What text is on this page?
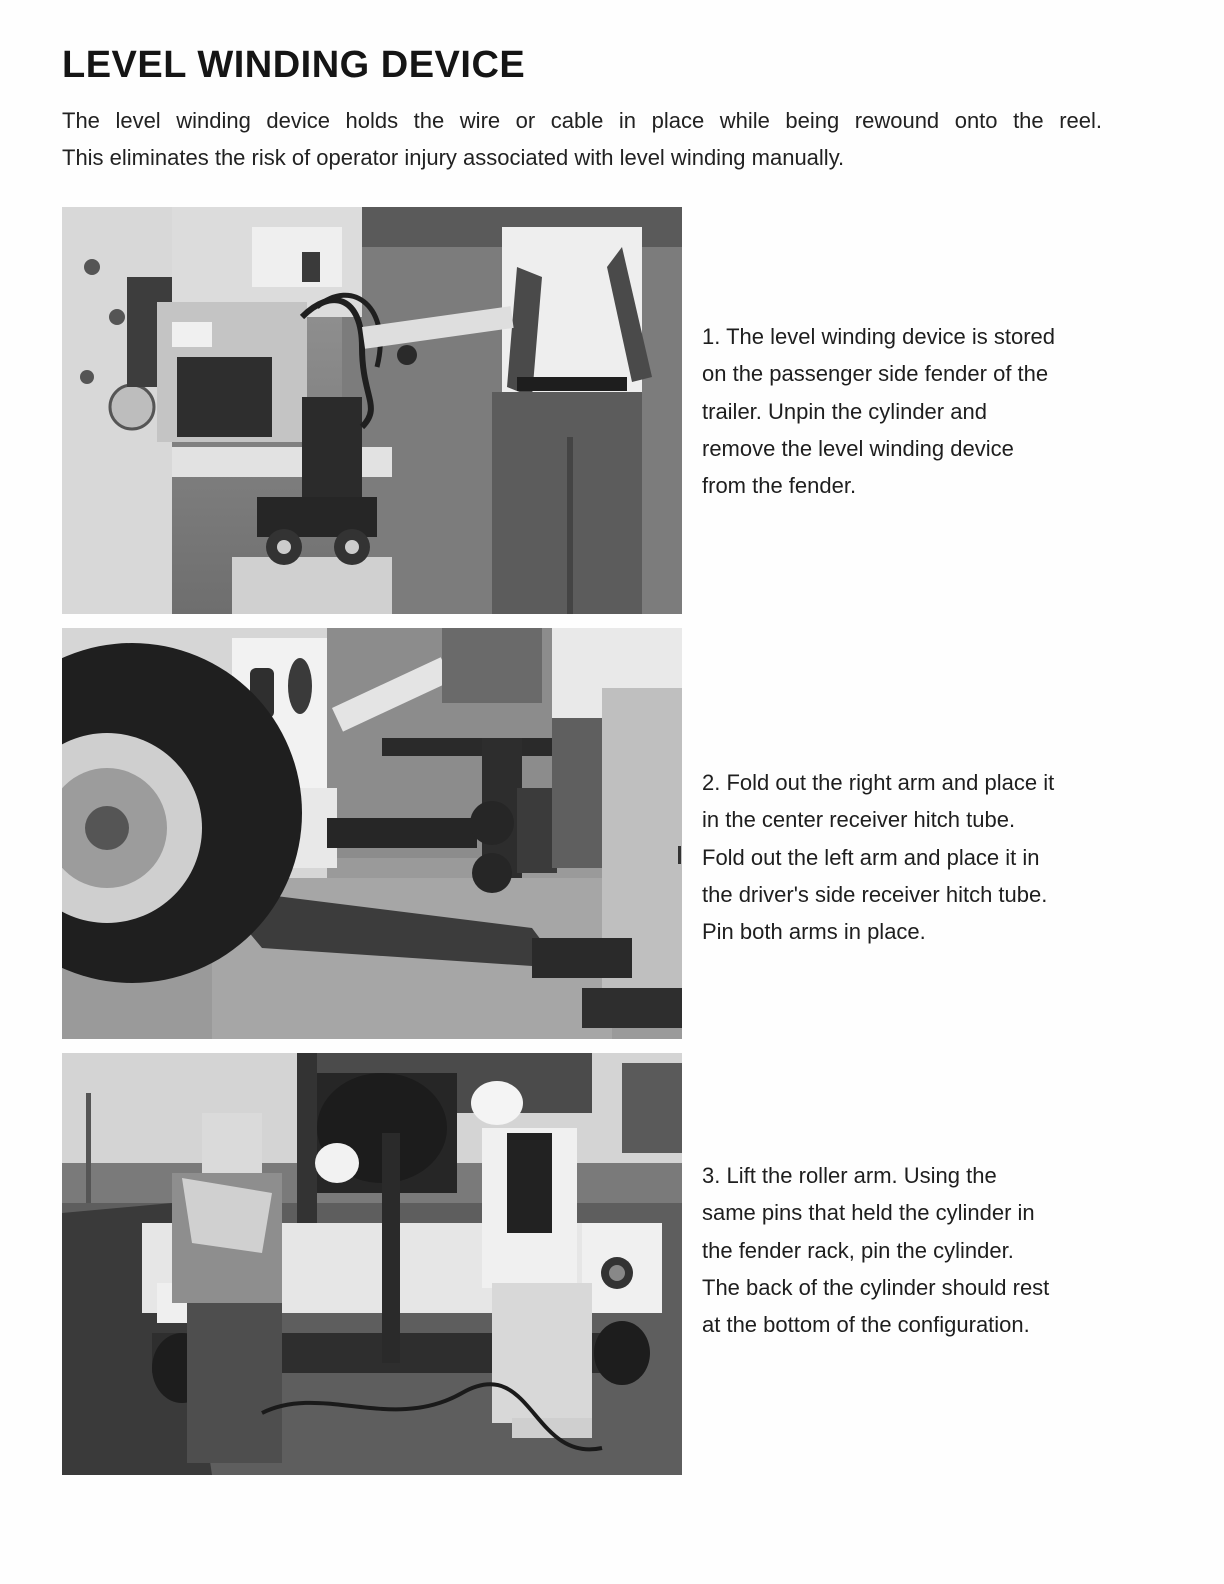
LEVEL WINDING DEVICE

The level winding device holds the wire or cable in place while being rewound onto the reel.
This eliminates the risk of operator injury associated with level winding manually.

1. The level winding device is stored
on the passenger side fender of the
trailer. Unpin the cylinder and
remove the level winding device
from the fender.

2. Fold out the right arm and place it
in the center receiver hitch tube.
Fold out the left arm and place it in
the driver's side receiver hitch tube.
Pin both arms in place.

3. Lift the roller arm. Using the
same pins that held the cylinder in
the fender rack, pin the cylinder.
The back of the cylinder should rest
at the bottom of the configuration.
